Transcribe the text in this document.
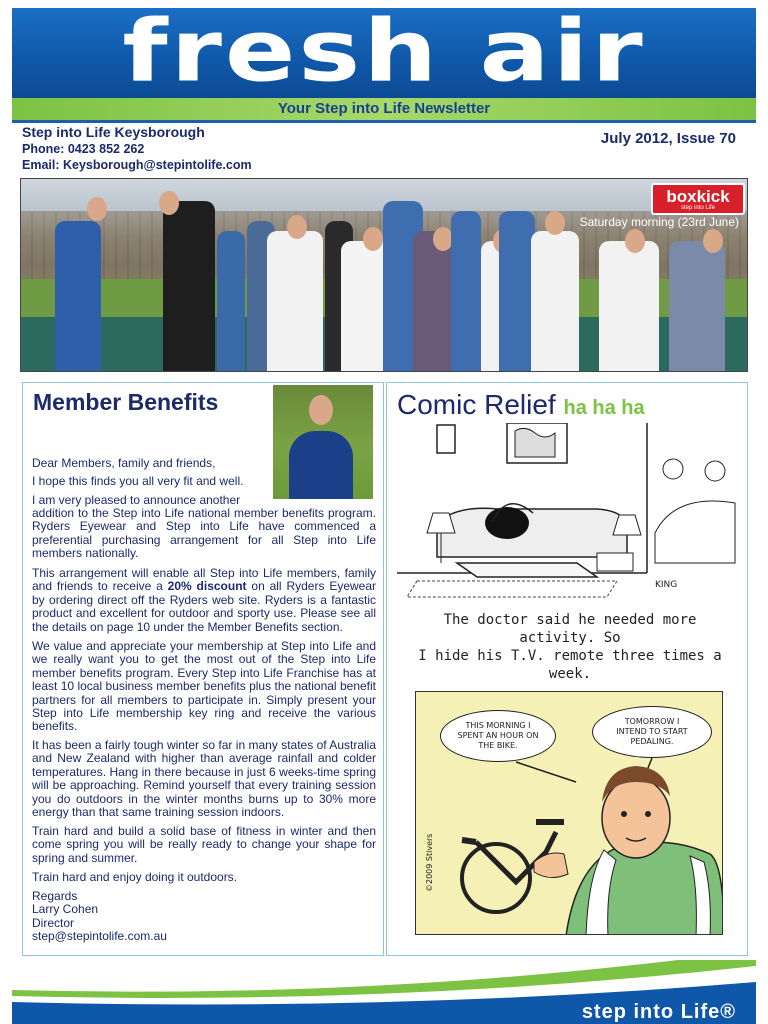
fresh air
Your Step into Life Newsletter
Step into Life Keysborough
Phone: 0423 852 262
Email: Keysborough@stepintolife.com
July 2012, Issue 70
boxkick
step into Life
Saturday morning (23rd June)
Member Benefits
Dear Members, family and friends,
I hope this finds you all very fit and well.
I am very pleased to announce another
addition to the Step into Life national member benefits program. Ryders Eyewear and Step into Life have commenced a preferential purchasing arrangement for all Step into Life members nationally.
This arrangement will enable all Step into Life members, family and friends to receive a 20% discount on all Ryders Eyewear by ordering direct off the Ryders web site. Ryders is a fantastic product and excellent for outdoor and sporty use. Please see all the details on page 10 under the Member Benefits section.
We value and appreciate your membership at Step into Life and we really want you to get the most out of the Step into Life member benefits program. Every Step into Life Franchise has at least 10 local business member benefits plus the national benefit partners for all members to participate in. Simply present your Step into Life membership key ring and receive the various benefits.
It has been a fairly tough winter so far in many states of Australia and New Zealand with higher than average rainfall and colder temperatures. Hang in there because in just 6 weeks-time spring will be approaching. Remind yourself that every training session you do outdoors in the winter months burns up to 30% more energy than that same training session indoors.
Train hard and build a solid base of fitness in winter and then come spring you will be really ready to change your shape for spring and summer.
Train hard and enjoy doing it outdoors.
Regards
Larry Cohen
Director
step@stepintolife.com.au
Comic Relief ha ha ha
KING
The doctor said he needed more activity. So
I hide his T.V. remote three times a week.
THIS MORNING I SPENT AN HOUR ON THE BIKE.
TOMORROW I INTEND TO START PEDALING.
©2009 Stivers
step into Life®
